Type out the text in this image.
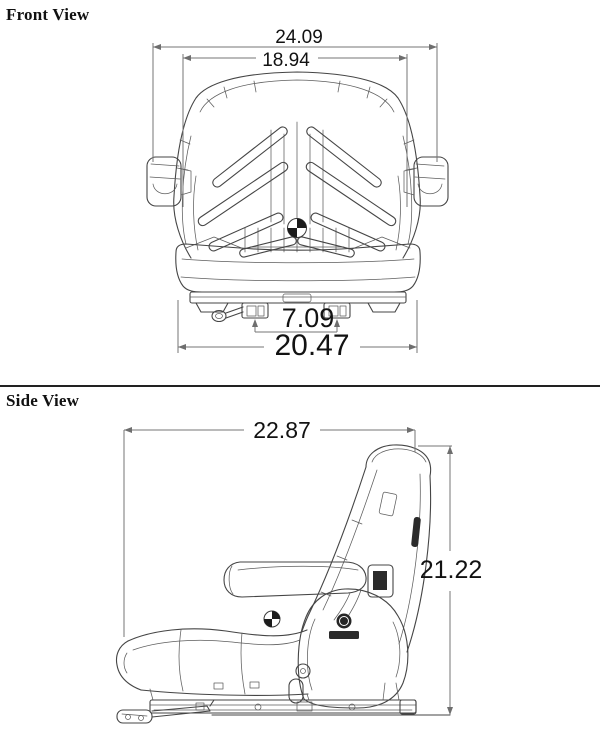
Front View
Side View
24.09
18.94
7.09
20.47
22.87
21.22
